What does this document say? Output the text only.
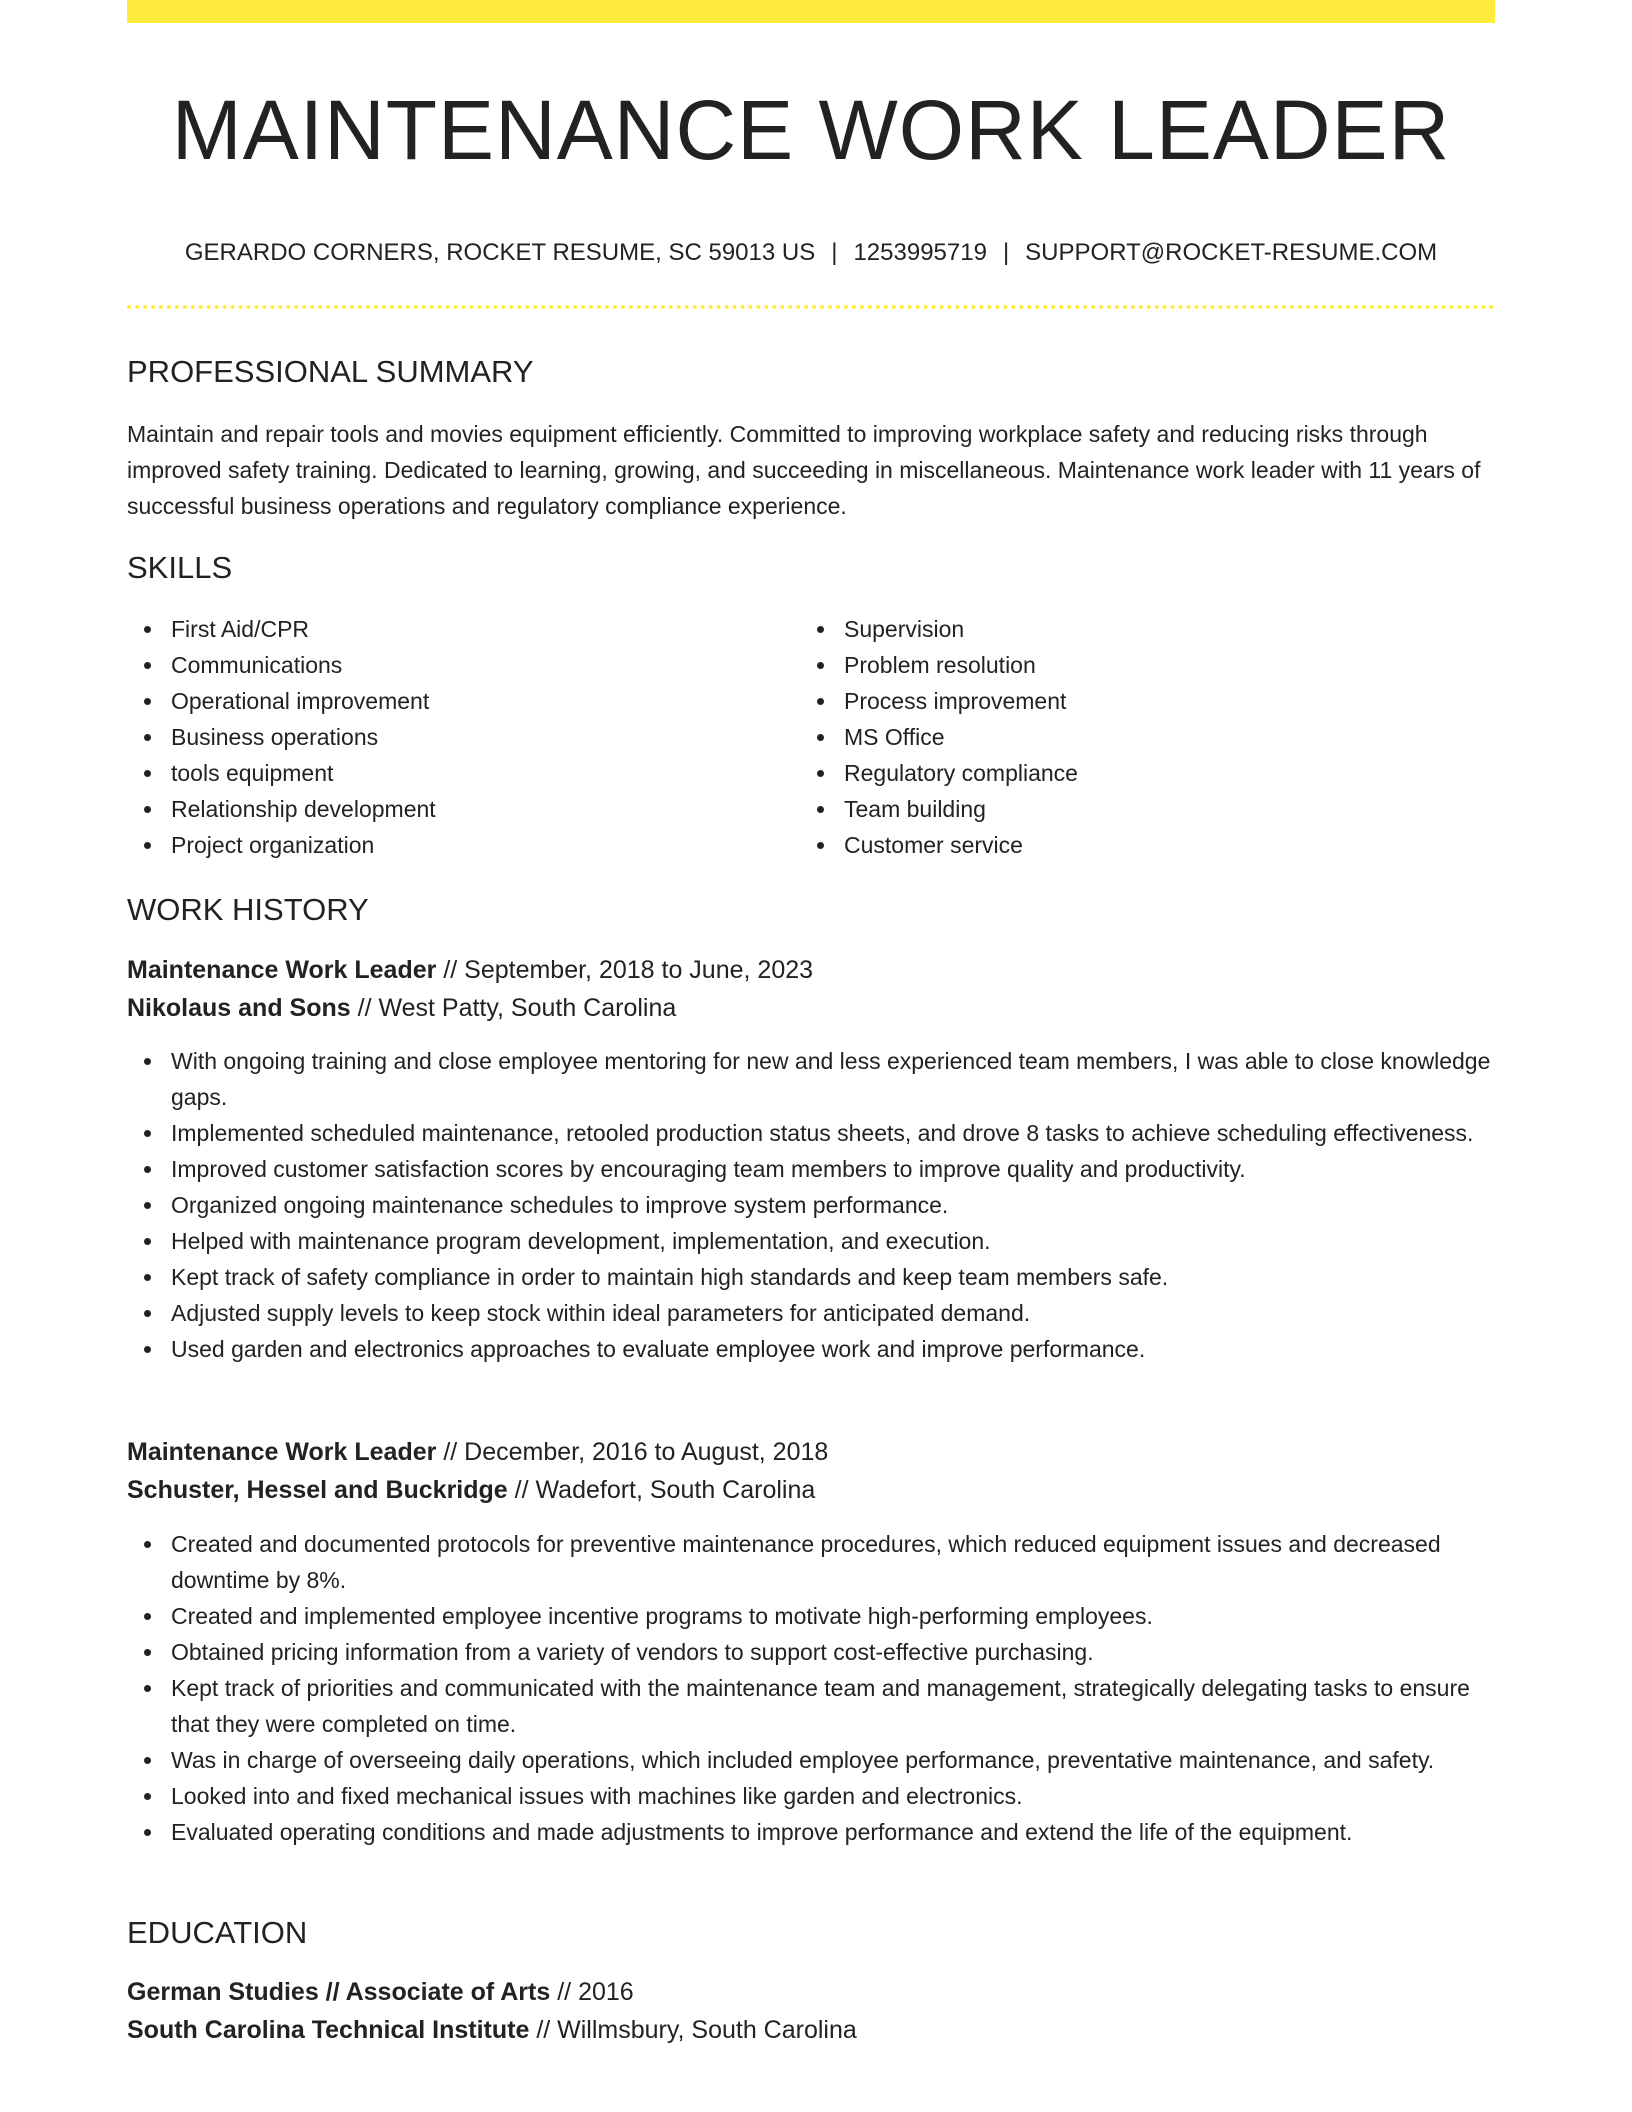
MAINTENANCE WORK LEADER
GERARDO CORNERS, ROCKET RESUME, SC 59013 US | 1253995719 | SUPPORT@ROCKET-RESUME.COM
PROFESSIONAL SUMMARY

Maintain and repair tools and movies equipment efficiently. Committed to improving workplace safety and reducing risks through improved safety training. Dedicated to learning, growing, and succeeding in miscellaneous. Maintenance work leader with 11 years of successful business operations and regulatory compliance experience.

SKILLS
First Aid/CPR
Communications
Operational improvement
Business operations
tools equipment
Relationship development
Project organization
Supervision
Problem resolution
Process improvement
MS Office
Regulatory compliance
Team building
Customer service
WORK HISTORY
Maintenance Work Leader // September, 2018 to June, 2023
Nikolaus and Sons // West Patty, South Carolina
With ongoing training and close employee mentoring for new and less experienced team members, I was able to close knowledge gaps.
Implemented scheduled maintenance, retooled production status sheets, and drove 8 tasks to achieve scheduling effectiveness.
Improved customer satisfaction scores by encouraging team members to improve quality and productivity.
Organized ongoing maintenance schedules to improve system performance.
Helped with maintenance program development, implementation, and execution.
Kept track of safety compliance in order to maintain high standards and keep team members safe.
Adjusted supply levels to keep stock within ideal parameters for anticipated demand.
Used garden and electronics approaches to evaluate employee work and improve performance.
Maintenance Work Leader // December, 2016 to August, 2018
Schuster, Hessel and Buckridge // Wadefort, South Carolina
Created and documented protocols for preventive maintenance procedures, which reduced equipment issues and decreased downtime by 8%.
Created and implemented employee incentive programs to motivate high-performing employees.
Obtained pricing information from a variety of vendors to support cost-effective purchasing.
Kept track of priorities and communicated with the maintenance team and management, strategically delegating tasks to ensure that they were completed on time.
Was in charge of overseeing daily operations, which included employee performance, preventative maintenance, and safety.
Looked into and fixed mechanical issues with machines like garden and electronics.
Evaluated operating conditions and made adjustments to improve performance and extend the life of the equipment.
EDUCATION
German Studies // Associate of Arts // 2016
South Carolina Technical Institute // Willmsbury, South Carolina
